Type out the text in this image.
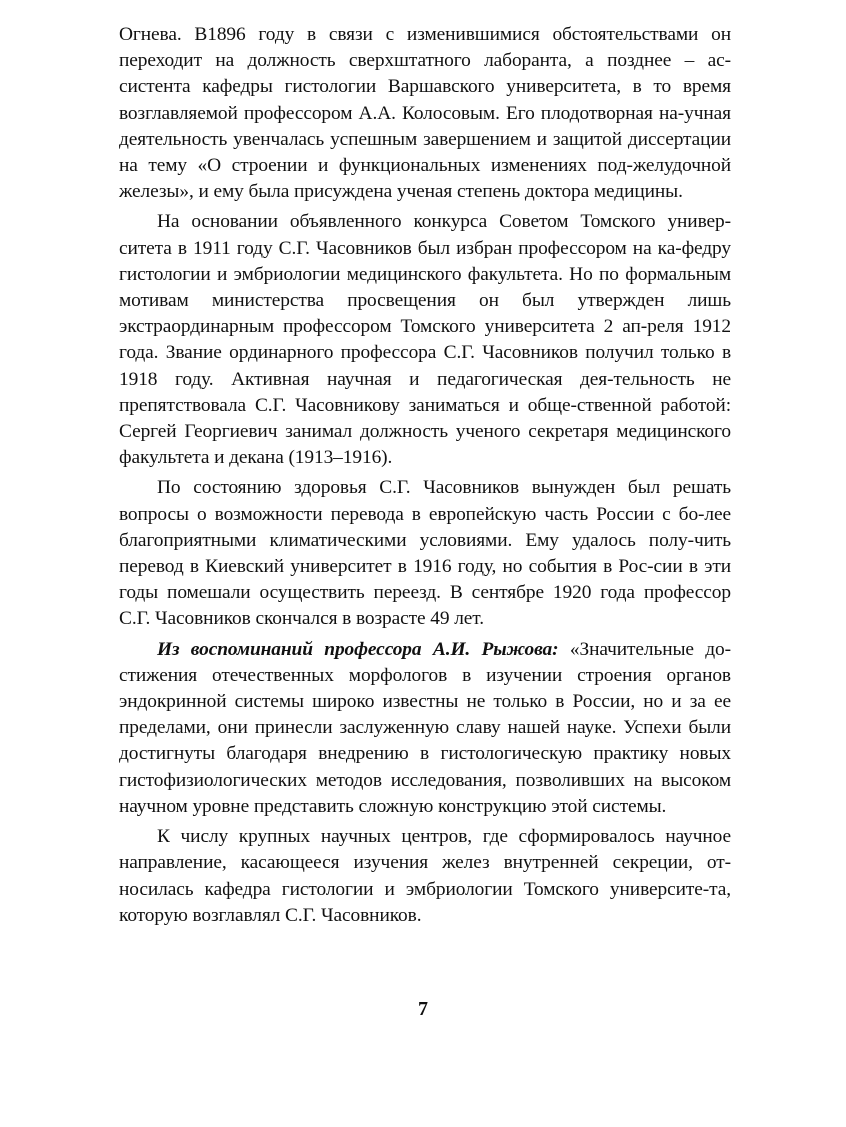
Огнева. В1896 году в связи с изменившимися обстоятельствами он переходит на должность сверхштатного лаборанта, а позднее – ас-систента кафедры гистологии Варшавского университета, в то время возглавляемой профессором А.А. Колосовым. Его плодотворная на-учная деятельность увенчалась успешным завершением и защитой диссертации на тему «О строении и функциональных изменениях под-желудочной железы», и ему была присуждена ученая степень доктора медицины.

На основании объявленного конкурса Советом Томского универ-ситета в 1911 году С.Г. Часовников был избран профессором на ка-федру гистологии и эмбриологии медицинского факультета. Но по формальным мотивам министерства просвещения он был утвержден лишь экстраординарным профессором Томского университета 2 ап-реля 1912 года. Звание ординарного профессора С.Г. Часовников получил только в 1918 году. Активная научная и педагогическая дея-тельность не препятствовала С.Г. Часовникову заниматься и обще-ственной работой: Сергей Георгиевич занимал должность ученого секретаря медицинского факультета и декана (1913–1916).

По состоянию здоровья С.Г. Часовников вынужден был решать вопросы о возможности перевода в европейскую часть России с бо-лее благоприятными климатическими условиями. Ему удалось полу-чить перевод в Киевский университет в 1916 году, но события в Рос-сии в эти годы помешали осуществить переезд. В сентябре 1920 года профессор С.Г. Часовников скончался в возрасте 49 лет.

Из воспоминаний профессора А.И. Рыжова: «Значительные до-стижения отечественных морфологов в изучении строения органов эндокринной системы широко известны не только в России, но и за ее пределами, они принесли заслуженную славу нашей науке. Успехи были достигнуты благодаря внедрению в гистологическую практику новых гистофизиологических методов исследования, позволивших на высоком научном уровне представить сложную конструкцию этой системы.

К числу крупных научных центров, где сформировалось научное направление, касающееся изучения желез внутренней секреции, от-носилась кафедра гистологии и эмбриологии Томского университе-та, которую возглавлял С.Г. Часовников.

7
